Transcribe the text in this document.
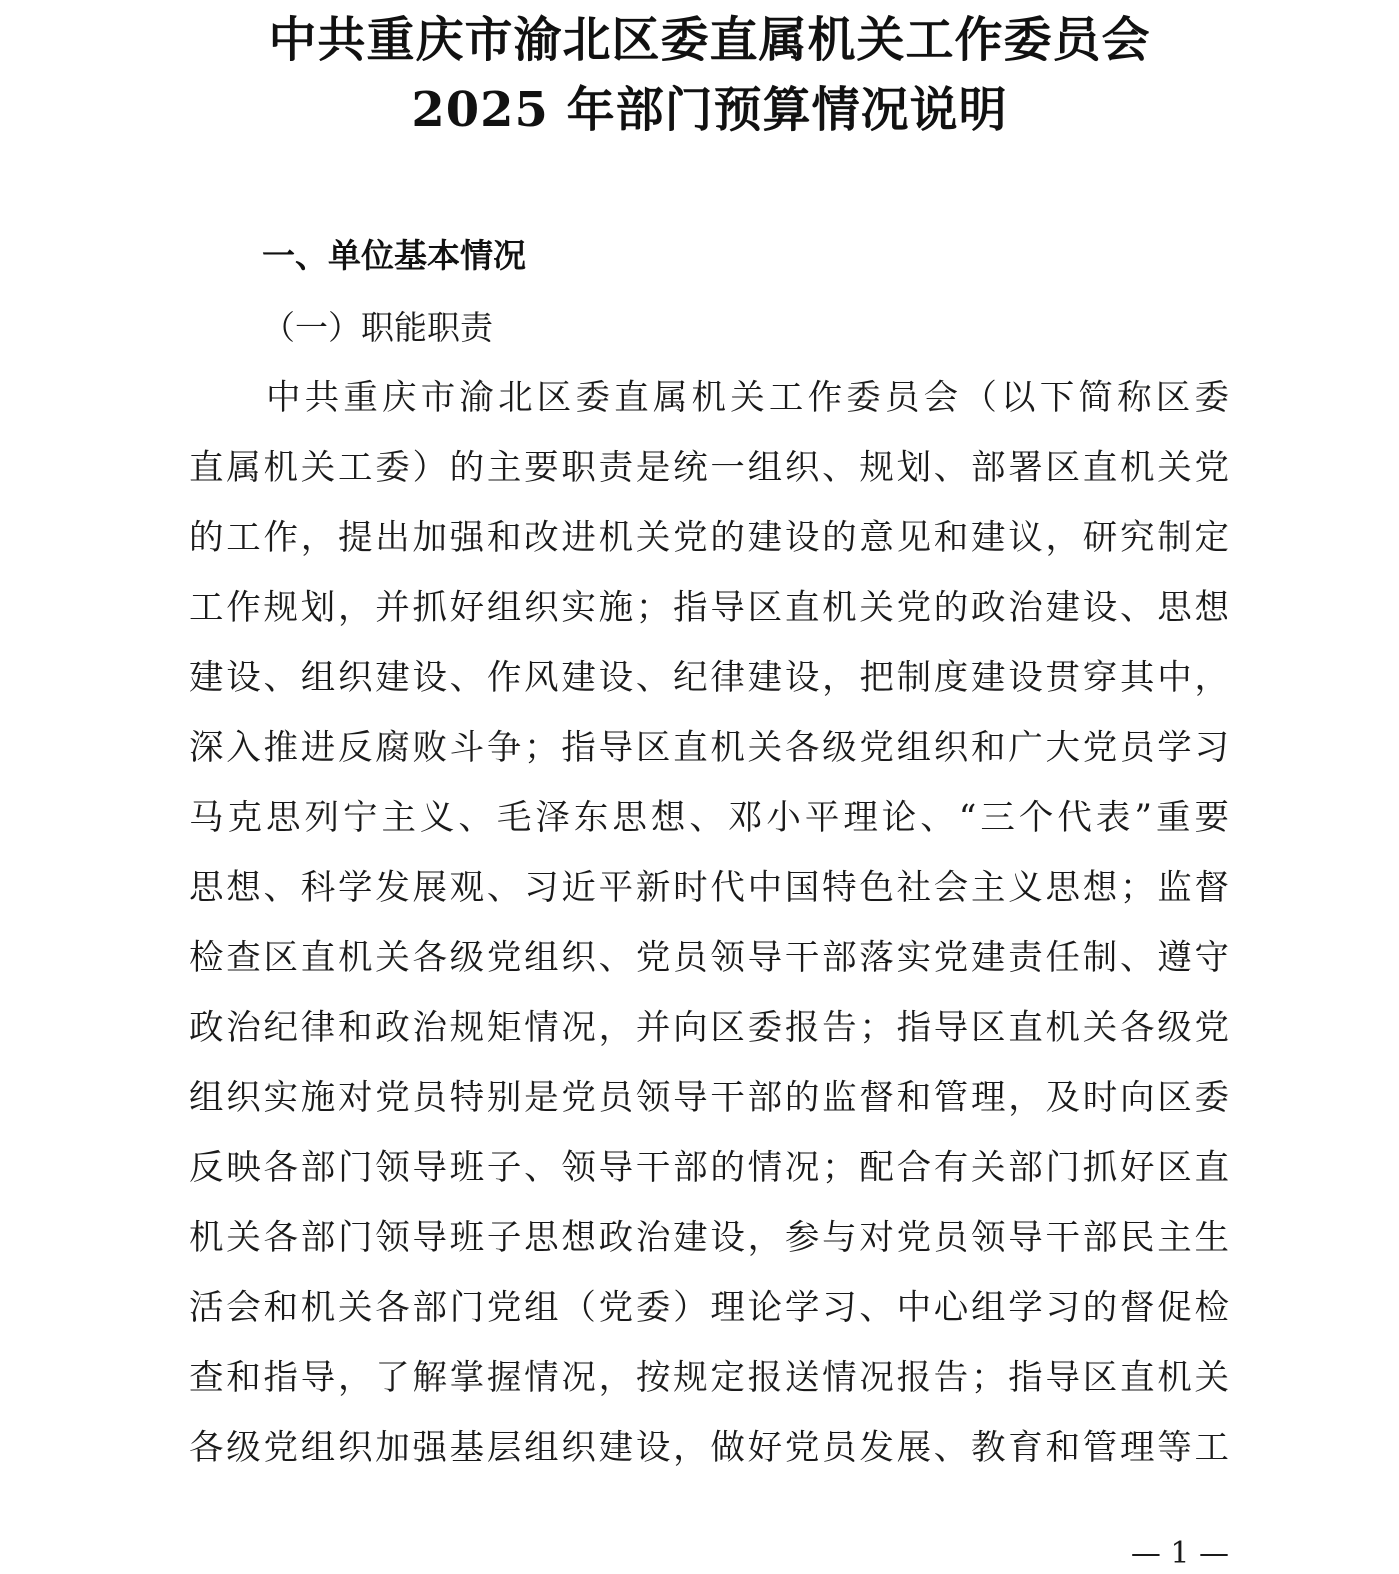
中共重庆市渝北区委直属机关工作委员会
2025 年部门预算情况说明
一、单位基本情况
（一）职能职责
中共重庆市渝北区委直属机关工作委员会（以下简称区委
直属机关工委）的主要职责是统一组织、规划、部署区直机关党
的工作，提出加强和改进机关党的建设的意见和建议，研究制定
工作规划，并抓好组织实施；指导区直机关党的政治建设、思想
建设、组织建设、作风建设、纪律建设，把制度建设贯穿其中，
深入推进反腐败斗争；指导区直机关各级党组织和广大党员学习
马克思列宁主义、毛泽东思想、邓小平理论、“三个代表”重要
思想、科学发展观、习近平新时代中国特色社会主义思想；监督
检查区直机关各级党组织、党员领导干部落实党建责任制、遵守
政治纪律和政治规矩情况，并向区委报告；指导区直机关各级党
组织实施对党员特别是党员领导干部的监督和管理，及时向区委
反映各部门领导班子、领导干部的情况；配合有关部门抓好区直
机关各部门领导班子思想政治建设，参与对党员领导干部民主生
活会和机关各部门党组（党委）理论学习、中心组学习的督促检
查和指导，了解掌握情况，按规定报送情况报告；指导区直机关
各级党组织加强基层组织建设，做好党员发展、教育和管理等工
— 1 —
